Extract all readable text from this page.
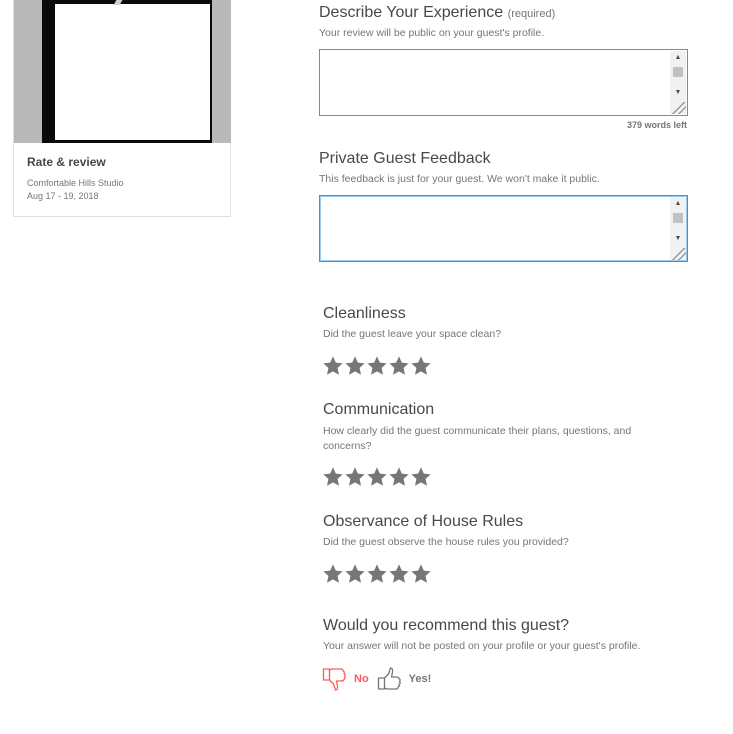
Rate & review

Comfortable Hills Studio

Aug 17 - 19, 2018

Describe Your Experience (required)

Your review will be public on your guest's profile.

▲
▼

379 words left

Private Guest Feedback

This feedback is just for your guest. We won't make it public.

▲
▼
Cleanliness

Did the guest leave your space clean?

Communication

How clearly did the guest communicate their plans, questions, and concerns?

Observance of House Rules

Did the guest observe the house rules you provided?

Would you recommend this guest?

Your answer will not be posted on your profile or your guest's profile.

No	Yes!
